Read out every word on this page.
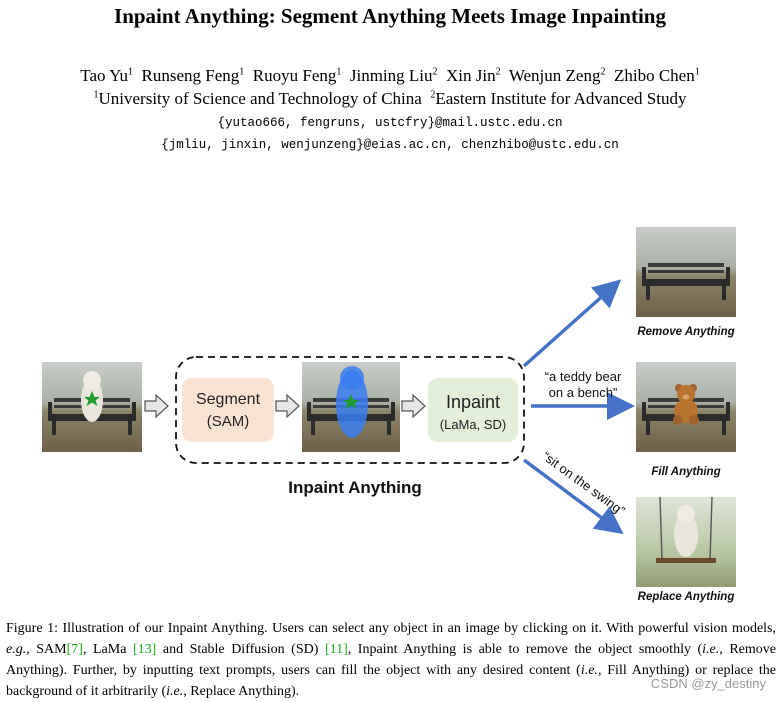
Inpaint Anything: Segment Anything Meets Image Inpainting
Tao Yu$^1$ Runseng Feng$^1$ Ruoyu Feng$^1$ Jinming Liu$^2$ Xin Jin$^2$ Wenjun Zeng$^2$ Zhibo Chen$^1$
$^1$University of Science and Technology of China $^2$Eastern Institute for Advanced Study
{yutao666, fengruns, ustcfry}@mail.ustc.edu.cn
{jmliu, jinxin, wenjunzeng}@eias.ac.cn, chenzhibo@ustc.edu.cn
Segment
(SAM)
Inpaint
(LaMa, SD)
Inpaint Anything
“a teddy bear
on a bench”
“sit on the swing”
Remove Anything
Fill Anything
Replace Anything
Figure 1: Illustration of our Inpaint Anything. Users can select any object in an image by clicking on it. With powerful vision models, e.g., SAM[7], LaMa [13] and Stable Diffusion (SD) [11], Inpaint Anything is able to remove the object smoothly (i.e., Remove Anything). Further, by inputting text prompts, users can fill the object with any desired content (i.e., Fill Anything) or replace the background of it arbitrarily (i.e., Replace Anything).
CSDN @zy_destiny
